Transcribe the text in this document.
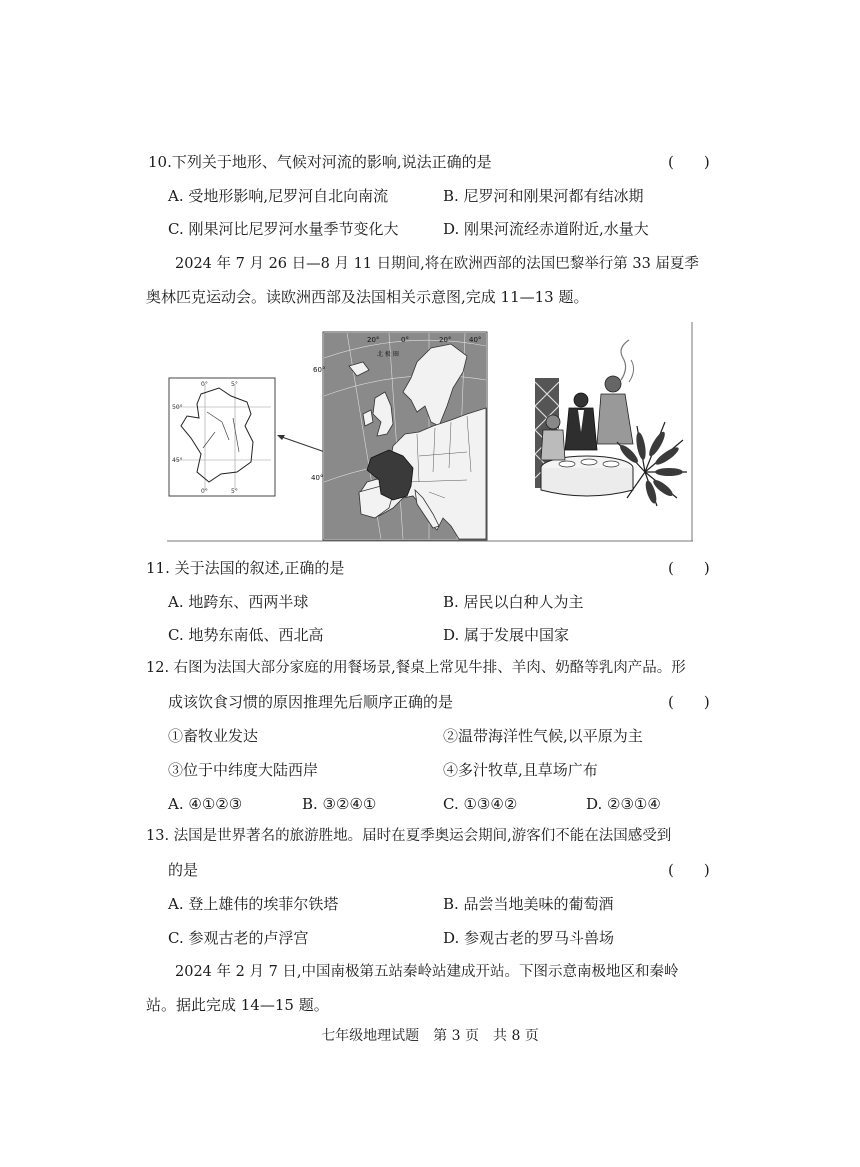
10.下列关于地形、气候对河流的影响,说法正确的是	(　　)
A. 受地形影响,尼罗河自北向南流	B. 尼罗河和刚果河都有结冰期
C. 刚果河比尼罗河水量季节变化大	D. 刚果河流经赤道附近,水量大
2024 年 7 月 26 日—8 月 11 日期间,将在欧洲西部的法国巴黎举行第 33 届夏季
奥林匹克运动会。读欧洲西部及法国相关示意图,完成 11—13 题。
0°	5°
0°	5°
50°
45°
20°	0°	20°	40°
60°
40°
北 极 圈
11. 关于法国的叙述,正确的是	(　　)
A. 地跨东、西两半球	B. 居民以白种人为主
C. 地势东南低、西北高	D. 属于发展中国家
12. 右图为法国大部分家庭的用餐场景,餐桌上常见牛排、羊肉、奶酪等乳肉产品。形
成该饮食习惯的原因推理先后顺序正确的是	(　　)
①畜牧业发达	②温带海洋性气候,以平原为主
③位于中纬度大陆西岸	④多汁牧草,且草场广布
A. ④①②③	B. ③②④①	C. ①③④②	D. ②③①④
13. 法国是世界著名的旅游胜地。届时在夏季奥运会期间,游客们不能在法国感受到
的是	(　　)
A. 登上雄伟的埃菲尔铁塔	B. 品尝当地美味的葡萄酒
C. 参观古老的卢浮宫	D. 参观古老的罗马斗兽场
2024 年 2 月 7 日,中国南极第五站秦岭站建成开站。下图示意南极地区和秦岭
站。据此完成 14—15 题。
七年级地理试题　第 3 页　共 8 页
